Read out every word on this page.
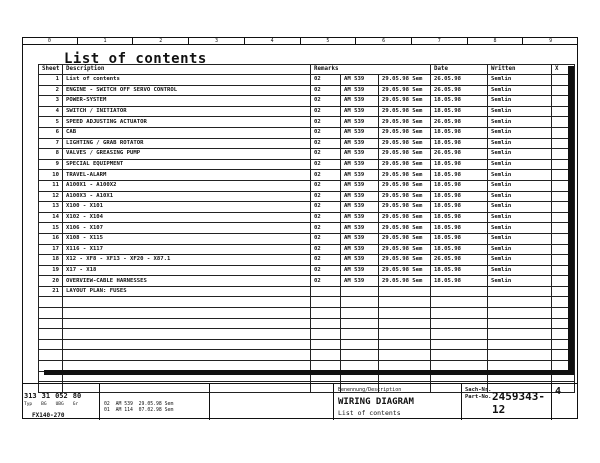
0	1	2	3	4	5	6	7	8	9
List of contents
Sheet	Description	Remarks			Date	Written	X
1	List of contents	02	AM 539	29.05.98 Sem	26.05.98	Semlin	
2	ENGINE - SWITCH OFF SERVO CONTROL	02	AM 539	29.05.98 Sem	26.05.98	Semlin	
3	POWER-SYSTEM	02	AM 539	29.05.98 Sem	18.05.98	Semlin	
4	SWITCH / INITIATOR	02	AM 539	29.05.98 Sem	18.05.98	Semlin	
5	SPEED ADJUSTING ACTUATOR	02	AM 539	29.05.98 Sem	26.05.98	Semlin	
6	CAB	02	AM 539	29.05.98 Sem	18.05.98	Semlin	
7	LIGHTING / GRAB ROTATOR	02	AM 539	29.05.98 Sem	18.05.98	Semlin	
8	VALVES / GREASING PUMP	02	AM 539	29.05.98 Sem	26.05.98	Semlin	
9	SPECIAL EQUIPMENT	02	AM 539	29.05.98 Sem	18.05.98	Semlin	
10	TRAVEL-ALARM	02	AM 539	29.05.98 Sem	18.05.98	Semlin	
11	A100X1 - A100X2	02	AM 539	29.05.98 Sem	18.05.98	Semlin	
12	A100X3 - A10X1	02	AM 539	29.05.98 Sem	18.05.98	Semlin	
13	X100 - X101	02	AM 539	29.05.98 Sem	18.05.98	Semlin	
14	X102 - X104	02	AM 539	29.05.98 Sem	18.05.98	Semlin	
15	X106 - X107	02	AM 539	29.05.98 Sem	18.05.98	Semlin	
16	X108 - X115	02	AM 539	29.05.98 Sem	18.05.98	Semlin	
17	X116 - X117	02	AM 539	29.05.98 Sem	18.05.98	Semlin	
18	X12 - XF8 - XF13 - XF20 - X87.1	02	AM 539	29.05.98 Sem	26.05.98	Semlin	
19	X17 - X18	02	AM 539	29.05.98 Sem	18.05.98	Semlin	
20	OVERVIEW-CABLE HARNESSES	02	AM 539	29.05.98 Sem	18.05.98	Semlin	
21	LAYOUT PLAN: FUSES						

313 31 052 80
Typ BG UBG Gr	02 AM 539 29.05.98 Sem
01 AM 114 07.02.98 Sem
Benennung/Description
WIRING DIAGRAM
List of contents
Sach-Nr.
Part-No. 2459343-12
4
FX140-270
